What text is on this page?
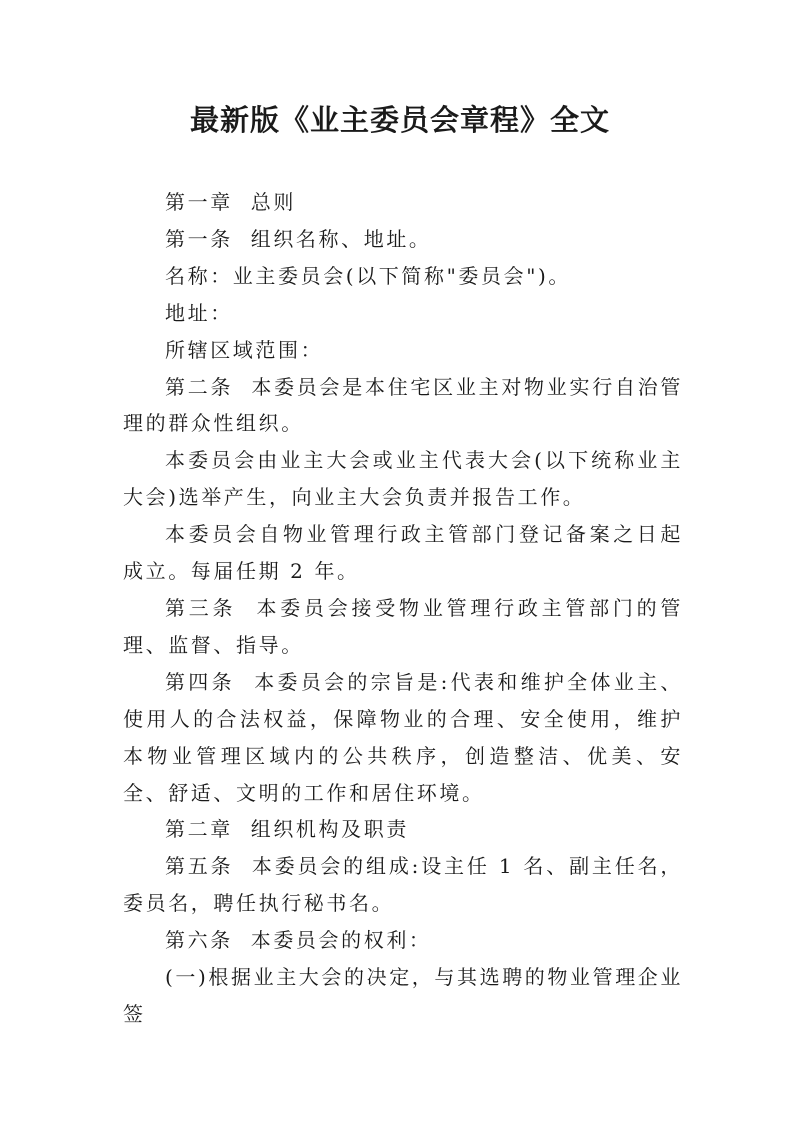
最新版《业主委员会章程》全文

第一章  总则

第一条  组织名称、地址。

名称：业主委员会(以下简称"委员会")。

地址：

所辖区域范围：

第二条  本委员会是本住宅区业主对物业实行自治管理的群众性组织。

本委员会由业主大会或业主代表大会(以下统称业主大会)选举产生，向业主大会负责并报告工作。

本委员会自物业管理行政主管部门登记备案之日起成立。每届任期 2 年。

第三条  本委员会接受物业管理行政主管部门的管理、监督、指导。

第四条  本委员会的宗旨是:代表和维护全体业主、使用人的合法权益，保障物业的合理、安全使用，维护本物业管理区域内的公共秩序，创造整洁、优美、安全、舒适、文明的工作和居住环境。

第二章  组织机构及职责

第五条  本委员会的组成:设主任 1 名、副主任名，委员名，聘任执行秘书名。

第六条  本委员会的权利：

(一)根据业主大会的决定，与其选聘的物业管理企业签
